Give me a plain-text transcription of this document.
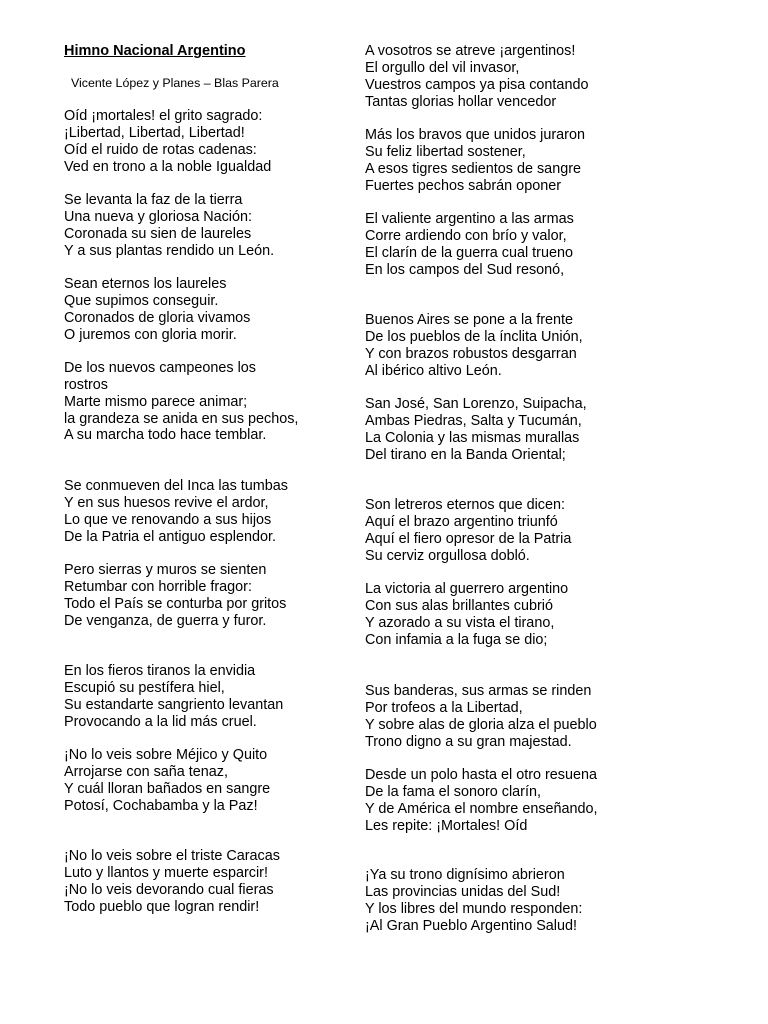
Himno Nacional Argentino
Vicente López y Planes – Blas Parera
Oíd ¡mortales! el grito sagrado:
¡Libertad, Libertad, Libertad!
Oíd el ruido de rotas cadenas:
Ved en trono a la noble Igualdad
Se levanta la faz de la tierra
Una nueva y gloriosa Nación:
Coronada su sien de laureles
Y a sus plantas rendido un León.
Sean eternos los laureles
Que supimos conseguir.
Coronados de gloria vivamos
O juremos con gloria morir.
De los nuevos campeones los
rostros
Marte mismo parece animar;
la grandeza se anida en sus pechos,
A su marcha todo hace temblar.
Se conmueven del Inca las tumbas
Y en sus huesos revive el ardor,
Lo que ve renovando a sus hijos
De la Patria el antiguo esplendor.
Pero sierras y muros se sienten
Retumbar con horrible fragor:
Todo el País se conturba por gritos
De venganza, de guerra y furor.
En los fieros tiranos la envidia
Escupió su pestífera hiel,
Su estandarte sangriento levantan
Provocando a la lid más cruel.
¡No lo veis sobre Méjico y Quito
Arrojarse con saña tenaz,
Y cuál lloran bañados en sangre
Potosí, Cochabamba y la Paz!
¡No lo veis sobre el triste Caracas
Luto y llantos y muerte esparcir!
¡No lo veis devorando cual fieras
Todo pueblo que logran rendir!
A vosotros se atreve ¡argentinos!
El orgullo del vil invasor,
Vuestros campos ya pisa contando
Tantas glorias hollar vencedor
Más los bravos que unidos juraron
Su feliz libertad sostener,
A esos tigres sedientos de sangre
Fuertes pechos sabrán oponer
El valiente argentino a las armas
Corre ardiendo con brío y valor,
El clarín de la guerra cual trueno
En los campos del Sud resonó,
Buenos Aires se pone a la frente
De los pueblos de la ínclita Unión,
Y con brazos robustos desgarran
Al ibérico altivo León.
San José, San Lorenzo, Suipacha,
Ambas Piedras, Salta y Tucumán,
La Colonia y las mismas murallas
Del tirano en la Banda Oriental;
Son letreros eternos que dicen:
Aquí el brazo argentino triunfó
Aquí el fiero opresor de la Patria
Su cerviz orgullosa dobló.
La victoria al guerrero argentino
Con sus alas brillantes cubrió
Y azorado a su vista el tirano,
Con infamia a la fuga se dio;
Sus banderas, sus armas se rinden
Por trofeos a la Libertad,
Y sobre alas de gloria alza el pueblo
Trono digno a su gran majestad.
Desde un polo hasta el otro resuena
De la fama el sonoro clarín,
Y de América el nombre enseñando,
Les repite: ¡Mortales! Oíd
¡Ya su trono dignísimo abrieron
Las provincias unidas del Sud!
Y los libres del mundo responden:
¡Al Gran Pueblo Argentino Salud!
